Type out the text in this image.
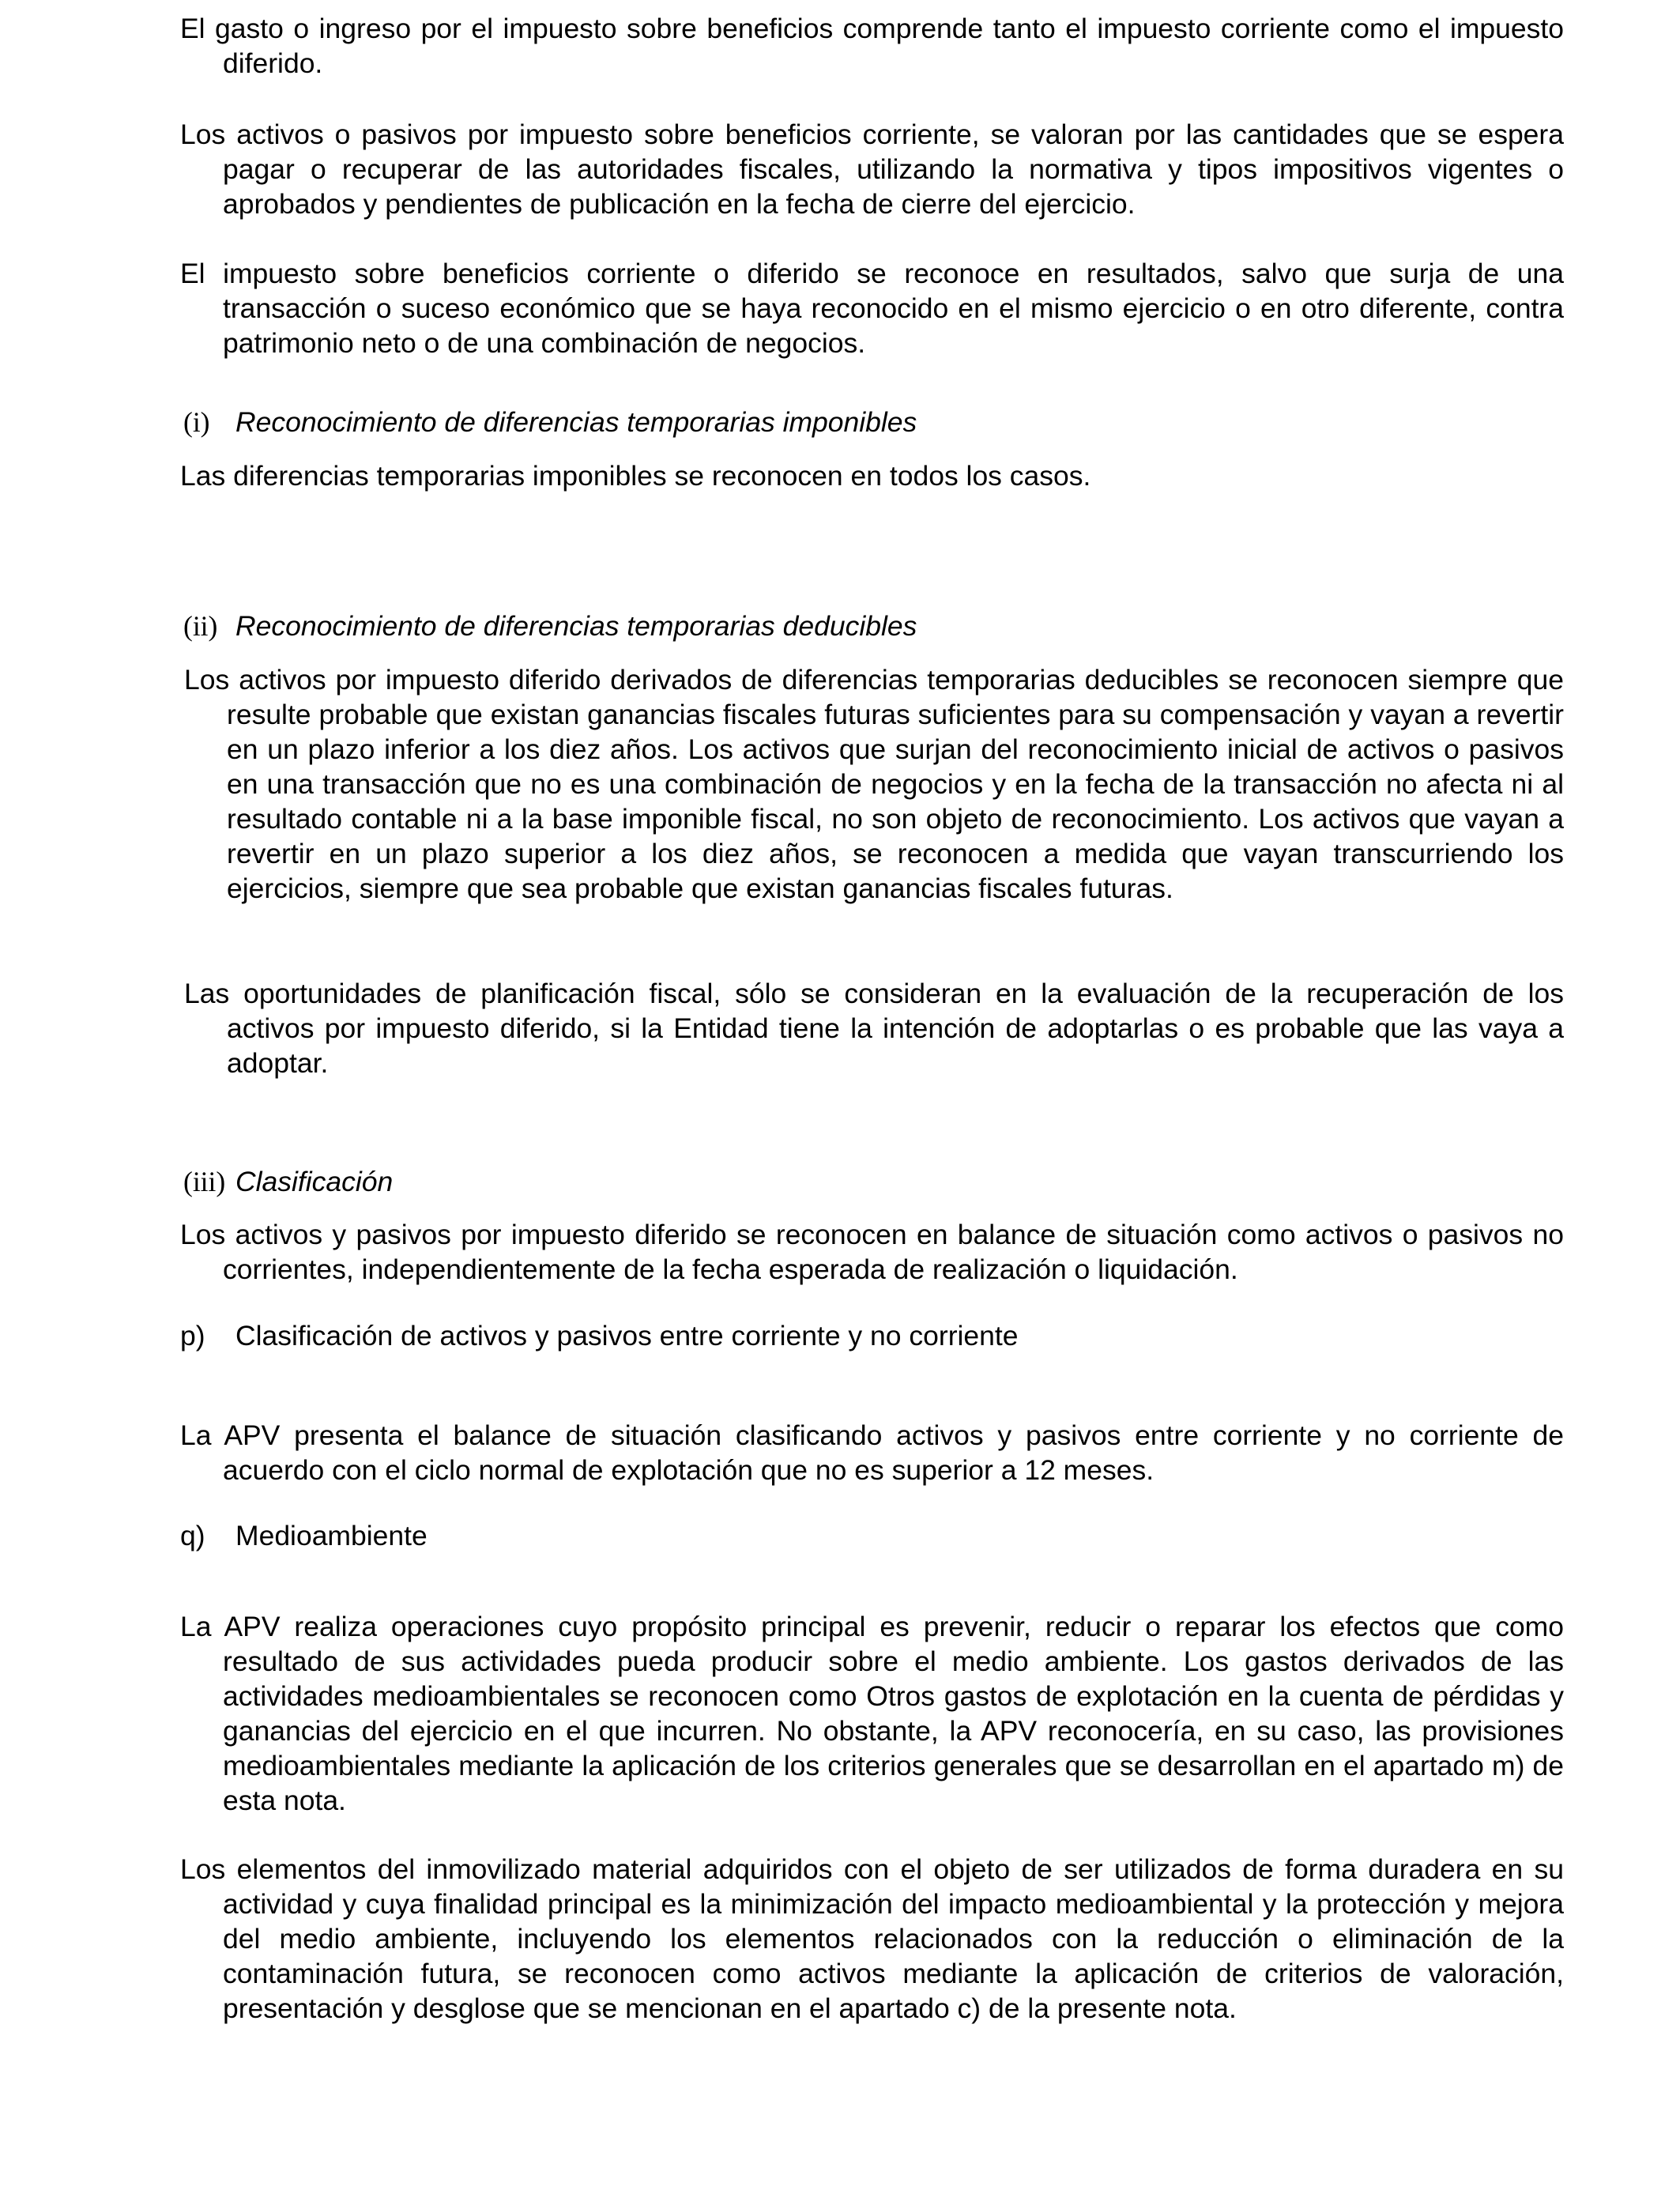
El gasto o ingreso por el impuesto sobre beneficios comprende tanto el impuesto corriente como el impuesto diferido.

Los activos o pasivos por impuesto sobre beneficios corriente, se valoran por las cantidades que se espera pagar o recuperar de las autoridades fiscales, utilizando la normativa y tipos impositivos vigentes o aprobados y pendientes de publicación en la fecha de cierre del ejercicio.

El impuesto sobre beneficios corriente o diferido se reconoce en resultados, salvo que surja de una transacción o suceso económico que se haya reconocido en el mismo ejercicio o en otro diferente, contra patrimonio neto o de una combinación de negocios.

(i) Reconocimiento de diferencias temporarias imponibles

Las diferencias temporarias imponibles se reconocen en todos los casos.

(ii) Reconocimiento de diferencias temporarias deducibles

Los activos por impuesto diferido derivados de diferencias temporarias deducibles se reconocen siempre que resulte probable que existan ganancias fiscales futuras suficientes para su compensación y vayan a revertir en un plazo inferior a los diez años. Los activos que surjan del reconocimiento inicial de activos o pasivos en una transacción que no es una combinación de negocios y en la fecha de la transacción no afecta ni al resultado contable ni a la base imponible fiscal, no son objeto de reconocimiento. Los activos que vayan a revertir en un plazo superior a los diez años, se reconocen a medida que vayan transcurriendo los ejercicios, siempre que sea probable que existan ganancias fiscales futuras.

Las oportunidades de planificación fiscal, sólo se consideran en la evaluación de la recuperación de los activos por impuesto diferido, si la Entidad tiene la intención de adoptarlas o es probable que las vaya a adoptar.

(iii) Clasificación

Los activos y pasivos por impuesto diferido se reconocen en balance de situación como activos o pasivos no corrientes, independientemente de la fecha esperada de realización o liquidación.

p) Clasificación de activos y pasivos entre corriente y no corriente

La APV presenta el balance de situación clasificando activos y pasivos entre corriente y no corriente de acuerdo con el ciclo normal de explotación que no es superior a 12 meses.

q) Medioambiente

La APV realiza operaciones cuyo propósito principal es prevenir, reducir o reparar los efectos que como resultado de sus actividades pueda producir sobre el medio ambiente. Los gastos derivados de las actividades medioambientales se reconocen como Otros gastos de explotación en la cuenta de pérdidas y ganancias del ejercicio en el que incurren. No obstante, la APV reconocería, en su caso, las provisiones medioambientales mediante la aplicación de los criterios generales que se desarrollan en el apartado m) de esta nota.

Los elementos del inmovilizado material adquiridos con el objeto de ser utilizados de forma duradera en su actividad y cuya finalidad principal es la minimización del impacto medioambiental y la protección y mejora del medio ambiente, incluyendo los elementos relacionados con la reducción o eliminación de la contaminación futura, se reconocen como activos mediante la aplicación de criterios de valoración, presentación y desglose que se mencionan en el apartado c) de la presente nota.
